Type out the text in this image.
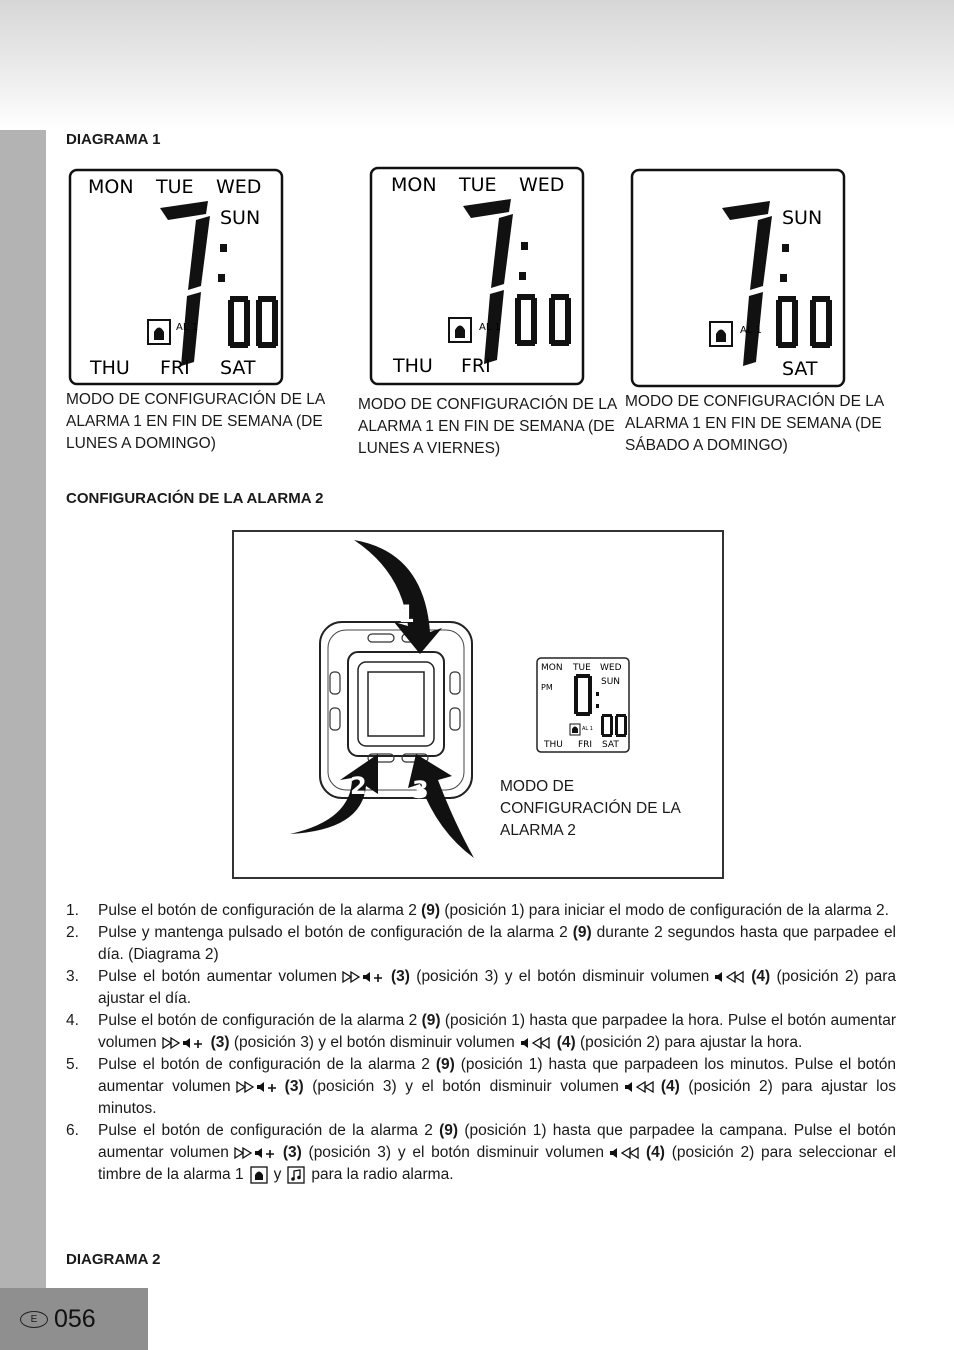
DIAGRAMA 1
MON TUE WED
SUN
AL 1
THU FRI SAT
MON TUE WED
AL 1
THU FRI
SUN
AL 1
SAT
MODO DE CONFIGURACIÓN DE LA ALARMA 1 EN FIN DE SEMANA (DE LUNES A DOMINGO)
MODO DE CONFIGURACIÓN DE LA ALARMA 1 EN FIN DE SEMANA (DE LUNES A VIERNES)
MODO DE CONFIGURACIÓN DE LA ALARMA 1 EN FIN DE SEMANA (DE SÁBADO A DOMINGO)
CONFIGURACIÓN DE LA ALARMA 2
1
2 3
MON TUE WED
PM
SUN
AL 1
THU FRI SAT
MODO DE CONFIGURACIÓN DE LA ALARMA 2
1.	Pulse el botón de configuración de la alarma 2 (9) (posición 1) para iniciar el modo de configuración de la alarma 2.
2.	Pulse y mantenga pulsado el botón de configuración de la alarma 2 (9) durante 2 segundos hasta que parpadee el día. (Diagrama 2)
3.	Pulse el botón aumentar volumen	(3) (posición 3) y el botón disminuir volumen	(4) (posición 2) para ajustar el día.
4.	Pulse el botón de configuración de la alarma 2 (9) (posición 1) hasta que parpadee la hora. Pulse el botón aumentar volumen	(3) (posición 3) y el botón disminuir volumen	(4) (posición 2) para ajustar la hora.
5.	Pulse el botón de configuración de la alarma 2 (9) (posición 1) hasta que parpadeen los minutos. Pulse el botón aumentar volumen	(3) (posición 3) y el botón disminuir volumen	(4) (posición 2) para ajustar los minutos.
6.	Pulse el botón de configuración de la alarma 2 (9) (posición 1) hasta que parpadee la campana. Pulse el botón aumentar volumen	(3) (posición 3) y el botón disminuir volumen	(4) (posición 2) para seleccionar el timbre de la alarma 1 y para la radio alarma.
DIAGRAMA 2
E 056
